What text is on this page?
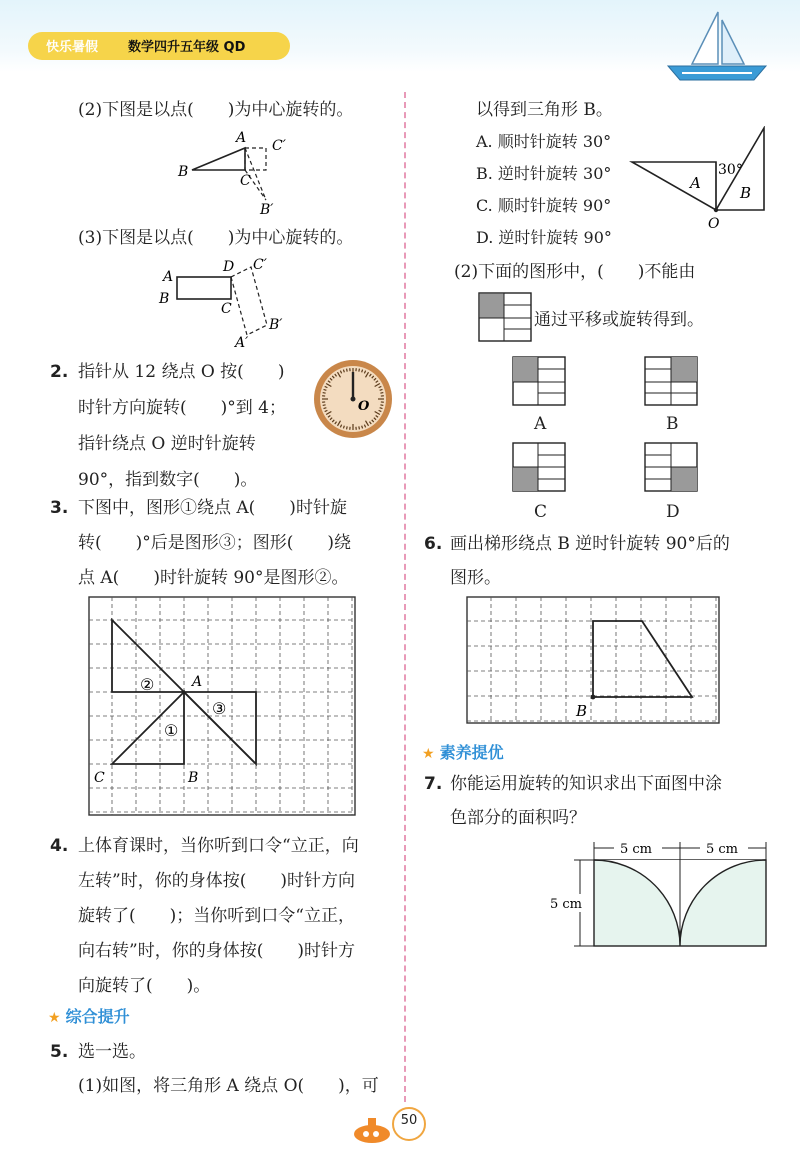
快乐暑假 数学四升五年级 QD
(2)下图是以点(　　)为中心旋转的。
A
B
C
C′
B′
(3)下图是以点(　　)为中心旋转的。
A
B
D C′
C
B′
A′
2. 指针从 12 绕点 O 按(　　)
时针方向旋转(　　)°到 4；
指针绕点 O 逆时针旋转
90°，指到数字(　　)。
O
3. 下图中，图形①绕点 A(　　)时针旋
转(　　)°后是图形③；图形(　　)绕
点 A(　　)时针旋转 90°是图形②。
A
B
C
①
②
③
4. 上体育课时，当你听到口令“立正，向
左转”时，你的身体按(　　)时针方向
旋转了(　　)；当你听到口令“立正，
向右转”时，你的身体按(　　)时针方
向旋转了(　　)。
★ 综合提升
5. 选一选。
(1)如图，将三角形 A 绕点 O(　　)，可
以得到三角形 B。
A. 顺时针旋转 30°
B. 逆时针旋转 30°
C. 顺时针旋转 90°
D. 逆时针旋转 90°
A
B
O
30°
(2)下面的图形中，(　　)不能由
通过平移或旋转得到。
A	B
C	D
6. 画出梯形绕点 B 逆时针旋转 90°后的
图形。
B
★ 素养提优
7. 你能运用旋转的知识求出下面图中涂
色部分的面积吗？
5 cm	5 cm
5 cm
50
